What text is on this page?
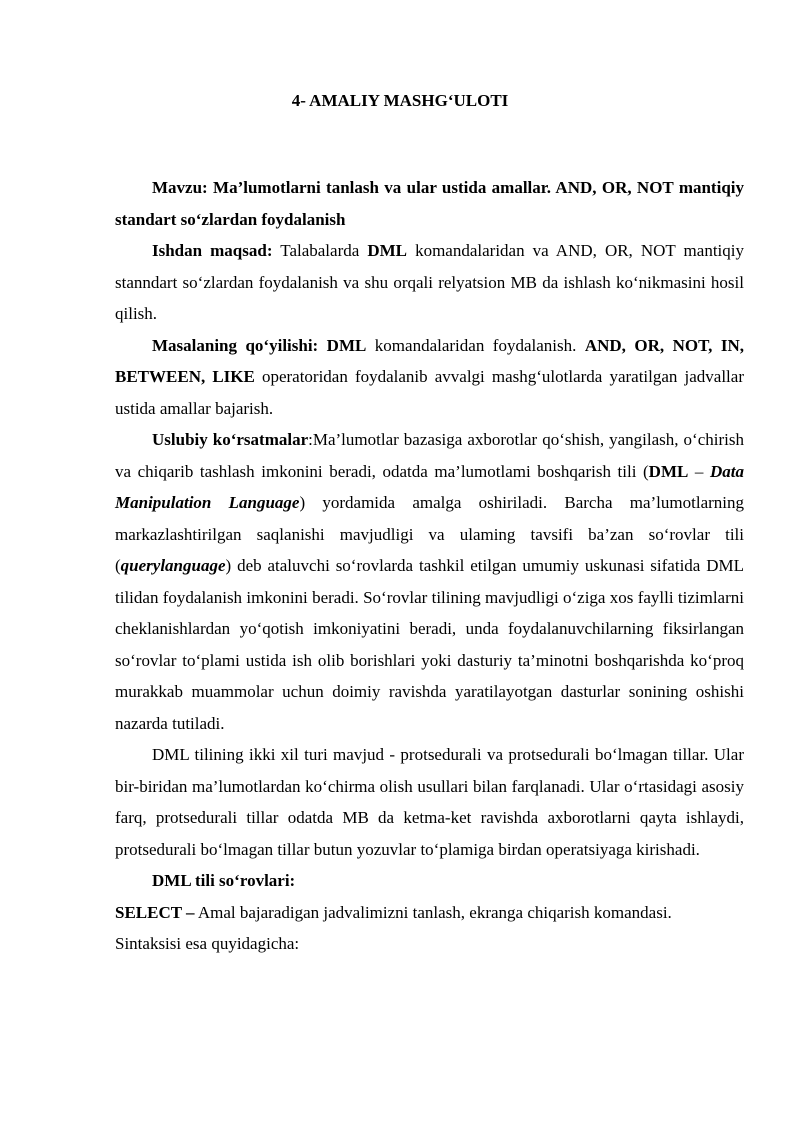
4- AMALIY MASHG‘ULOTI

Mavzu: Ma’lumotlarni tanlash va ular ustida amallar. AND, OR, NOT mantiqiy standart so‘zlardan foydalanish

Ishdan maqsad: Talabalarda DML komandalaridan va AND, OR, NOT mantiqiy stanndart so‘zlardan foydalanish va shu orqali relyatsion MB da ishlash ko‘nikmasini hosil qilish.

Masalaning qo‘yilishi: DML komandalaridan foydalanish. AND, OR, NOT, IN, BETWEEN, LIKE operatoridan foydalanib avvalgi mashg‘ulotlarda yaratilgan jadvallar ustida amallar bajarish.

Uslubiy ko‘rsatmalar:Ma’lumotlar bazasiga axborotlar qo‘shish, yangilash, o‘chirish va chiqarib tashlash imkonini beradi, odatda ma’lumotlami boshqarish tili (DML – Data Manipulation Language) yordamida amalga oshiriladi. Barcha ma’lumotlarning markazlashtirilgan saqlanishi mavjudligi va ulaming tavsifi ba’zan so‘rovlar tili (querylanguage) deb ataluvchi so‘rovlarda tashkil etilgan umumiy uskunasi sifatida DML tilidan foydalanish imkonini beradi. So‘rovlar tilining mavjudligi o‘ziga xos faylli tizimlarni cheklanishlardan yo‘qotish imkoniyatini beradi, unda foydalanuvchilarning fiksirlangan so‘rovlar to‘plami ustida ish olib borishlari yoki dasturiy ta’minotni boshqarishda ko‘proq murakkab muammolar uchun doimiy ravishda yaratilayotgan dasturlar sonining oshishi nazarda tutiladi.

DML tilining ikki xil turi mavjud - protsedurali va protsedurali bo‘lmagan tillar. Ular bir-biridan ma’lumotlardan ko‘chirma olish usullari bilan farqlanadi. Ular o‘rtasidagi asosiy farq, protsedurali tillar odatda MB da ketma-ket ravishda axborotlarni qayta ishlaydi, protsedurali bo‘lmagan tillar butun yozuvlar to‘plamiga birdan operatsiyaga kirishadi.

DML tili so‘rovlari:

SELECT – Amal bajaradigan jadvalimizni tanlash, ekranga chiqarish komandasi.

Sintaksisi esa quyidagicha:
